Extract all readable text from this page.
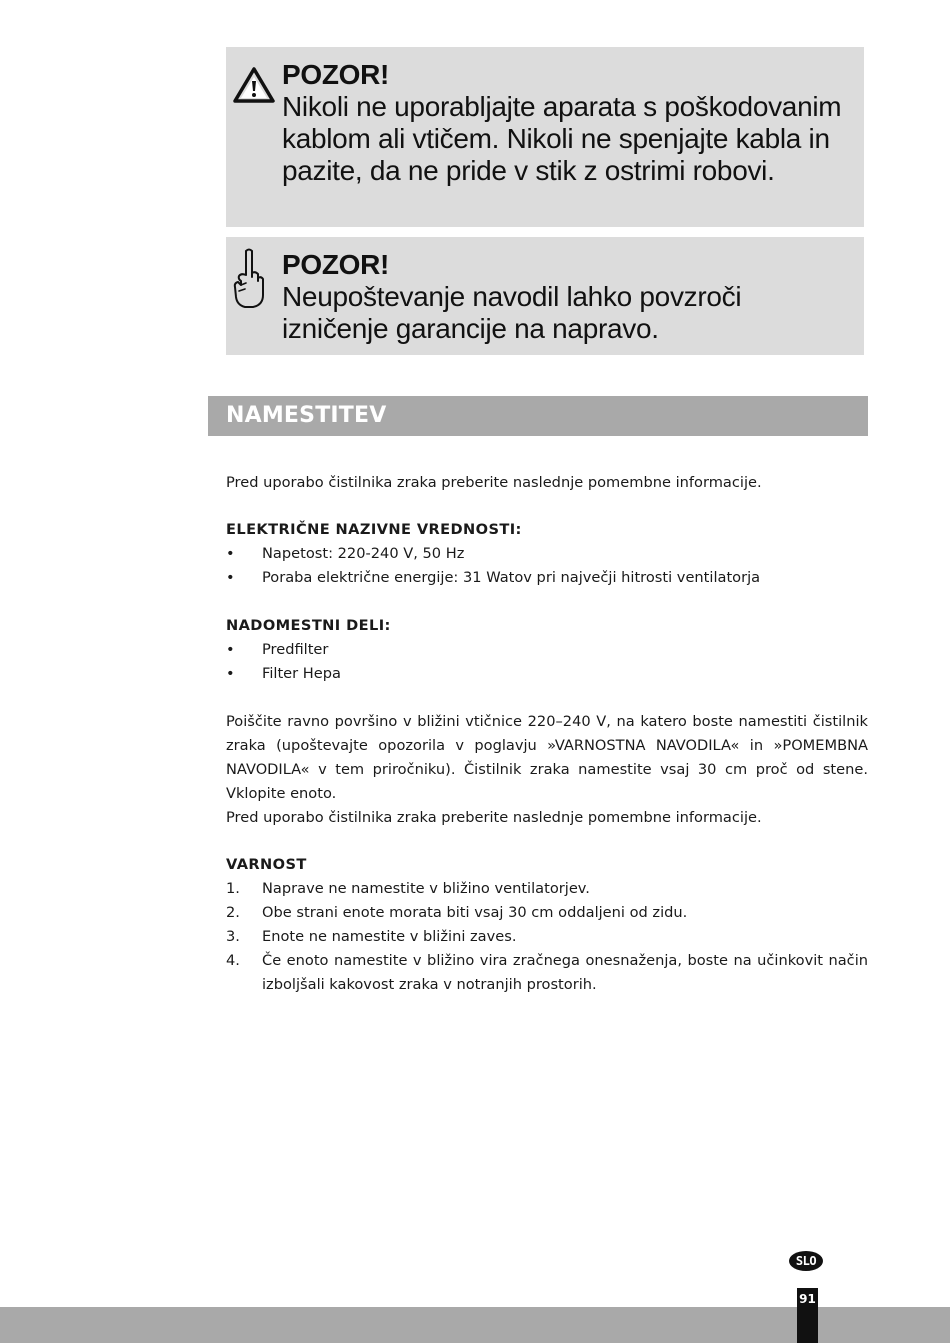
POZOR!
Nikoli ne uporabljajte aparata s poškodovanim kablom ali vtičem. Nikoli ne spenjajte kabla in pazite, da ne pride v stik z ostrimi robovi.
POZOR!
Neupoštevanje navodil lahko povzroči izničenje garancije na napravo.
NAMESTITEV
Pred uporabo čistilnika zraka preberite naslednje pomembne informacije.
ELEKTRIČNE NAZIVNE VREDNOSTI:
• Napetost: 220-240 V, 50 Hz
• Poraba električne energije: 31 Watov pri največji hitrosti ventilatorja
NADOMESTNI DELI:
• Predfilter
• Filter Hepa
Poiščite ravno površino v bližini vtičnice 220–240 V, na katero boste namestiti čistilnik zraka (upoštevajte opozorila v poglavju »VARNOSTNA NAVODILA« in »POMEMBNA NAVODILA« v tem priročniku). Čistilnik zraka namestite vsaj 30 cm proč od stene. Vklopite enoto.
Pred uporabo čistilnika zraka preberite naslednje pomembne informacije.
VARNOST
1. Naprave ne namestite v bližino ventilatorjev.
2. Obe strani enote morata biti vsaj 30 cm oddaljeni od zidu.
3. Enote ne namestite v bližini zaves.
4. Če enoto namestite v bližino vira zračnega onesnaženja, boste na učinkovit način izboljšali kakovost zraka v notranjih prostorih.
SLO
91
